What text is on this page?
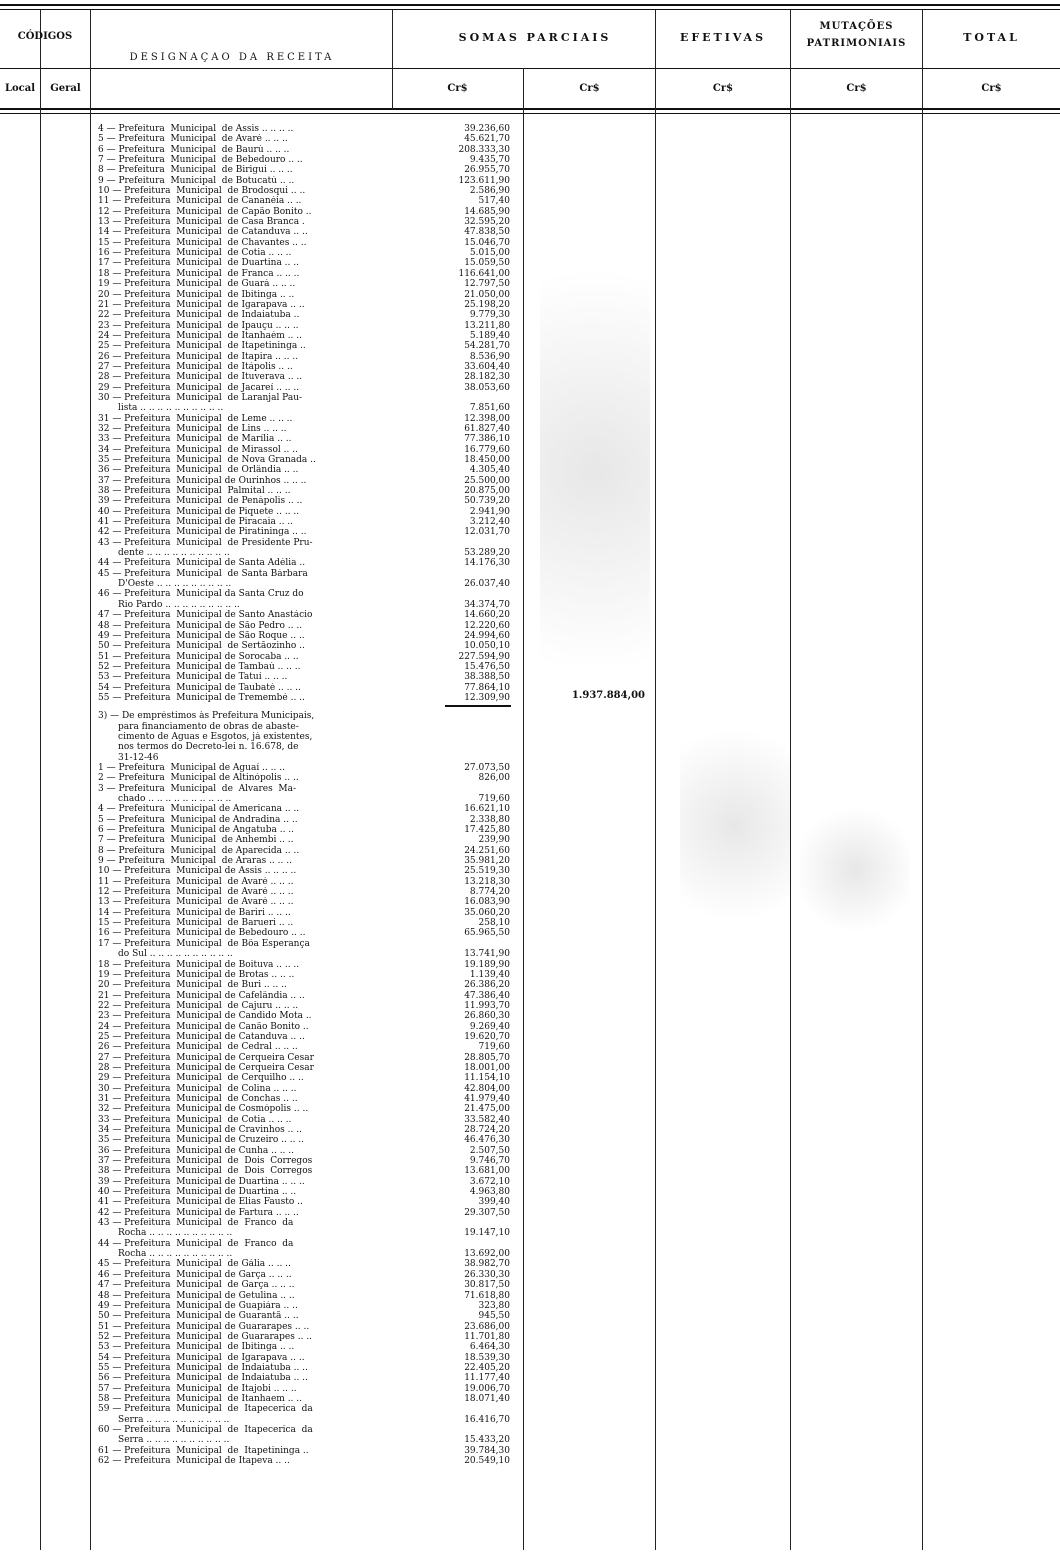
CÓDIGOS
DESIGNAÇAO DA RECEITA
SOMAS PARCIAIS	EFETIVAS
MUTAÇÕES
PATRIMONIAIS	TOTAL
Local	Geral	Cr$	Cr$	Cr$	Cr$	Cr$
4 — Prefeitura  Municipal  de Assis .. .. .. ..	39.236,60
5 — Prefeitura  Municipal  de Avaré .. .. ..	45.621,70
6 — Prefeitura  Municipal  de Baurú .. .. ..	208.333,30
7 — Prefeitura  Municipal  de Bebedouro .. ..	9.435,70
8 — Prefeitura  Municipal  de Birigui .. .. ..	26.955,70
9 — Prefeitura  Municipal  de Botucatú .. ..	123.611,90
10 — Prefeitura  Municipal  de Brodosqui .. ..	2.586,90
11 — Prefeitura  Municipal  de Cananéia .. ..	517,40
12 — Prefeitura  Municipal  de Capão Bonito ..	14.685,90
13 — Prefeitura  Municipal  de Casa Branca .	32.595,20
14 — Prefeitura  Municipal  de Catanduva .. ..	47.838,50
15 — Prefeitura  Municipal  de Chavantes .. ..	15.046,70
16 — Prefeitura  Municipal  de Cotia .. .. ..	5.015,00
17 — Prefeitura  Municipal  de Duartina .. ..	15.059,50
18 — Prefeitura  Municipal  de Franca .. .. ..	116.641,00
19 — Prefeitura  Municipal  de Guará .. .. ..	12.797,50
20 — Prefeitura  Municipal  de Ibitinga .. ..	21.050,00
21 — Prefeitura  Municipal  de Igarapava .. ..	25.198,20
22 — Prefeitura  Municipal  de Indaiatuba ..	9.779,30
23 — Prefeitura  Municipal  de Ipauçu .. .. ..	13.211,80
24 — Prefeitura  Municipal  de Itanhaém .. ..	5.189,40
25 — Prefeitura  Municipal  de Itapetininga ..	54.281,70
26 — Prefeitura  Municipal  de Itapira .. .. ..	8.536,90
27 — Prefeitura  Municipal  de Itápolis .. ..	33.604,40
28 — Prefeitura  Municipal  de Ituverava .. ..	28.182,30
29 — Prefeitura  Municipal  de Jacareí .. .. ..	38.053,60
30 — Prefeitura  Municipal  de Laranjal Pau-
lista .. .. .. .. .. .. .. .. .. ..	7.851,60
31 — Prefeitura  Municipal  de Leme .. .. ..	12.398,00
32 — Prefeitura  Municipal  de Lins .. .. ..	61.827,40
33 — Prefeitura  Municipal  de Marília .. ..	77.386,10
34 — Prefeitura  Municipal  de Mirassol .. ..	16.779,60
35 — Prefeitura  Municipal  de Nova Granada ..	18.450,00
36 — Prefeitura  Municipal  de Orlândia .. ..	4.305,40
37 — Prefeitura  Municipal de Ourinhos .. .. ..	25.500,00
38 — Prefeitura  Municipal  Palmital .. .. ..	20.875,00
39 — Prefeitura  Municipal  de Penápolis .. ..	50.739,20
40 — Prefeitura  Municipal de Piquete .. .. ..	2.941,90
41 — Prefeitura  Municipal de Piracaia .. ..	3.212,40
42 — Prefeitura  Municipal de Piratininga .. ..	12.031,70
43 — Prefeitura  Municipal  de Presidente Pru-
dente .. .. .. .. .. .. .. .. .. ..	53.289,20
44 — Prefeitura  Municipal de Santa Adélia ..	14.176,30
45 — Prefeitura  Municipal  de Santa Bárbara
D'Oeste .. .. .. .. .. .. .. .. ..	26.037,40
46 — Prefeitura  Municipal da Santa Cruz do
Rio Pardo .. .. .. .. .. .. .. .. ..	34.374,70
47 — Prefeitura  Municipal de Santo Anastácio	14.660,20
48 — Prefeitura  Municipal de São Pedro .. ..	12.220,60
49 — Prefeitura  Municipal de São Roque .. ..	24.994,60
50 — Prefeitura  Municipal  de Sertãozinho ..	10.050,10
51 — Prefeitura  Municipal de Sorocaba .. ..	227.594,90
52 — Prefeitura  Municipal de Tambaú .. .. ..	15.476,50
53 — Prefeitura  Municipal de Tatuí .. .. ..	38.388,50
54 — Prefeitura  Municipal de Taubaté .. .. ..	77.864,10
55 — Prefeitura  Municipal de Tremembé .. ..	12.309,90	1.937.884,00
3) — De empréstimos às Prefeitura Municipais,
para financiamento de obras de abaste-
cimento de Águas e Esgotos, já existentes,
nos termos do Decreto-lei n. 16.678, de
31-12-46
1 — Prefeitura  Municipal de Aguaí .. .. ..	27.073,50
2 — Prefeitura  Municipal de Altinópolis .. ..	826,00
3 — Prefeitura  Municipal  de  Alvares  Ma-
chado .. .. .. .. .. .. .. .. .. ..	719,60
4 — Prefeitura  Municipal de Americana .. ..	16.621,10
5 — Prefeitura  Municipal de Andradina .. ..	2.338,80
6 — Prefeitura  Municipal de Angatuba .. ..	17.425,80
7 — Prefeitura  Municipal  de Anhembi .. ..	239,90
8 — Prefeitura  Municipal  de Aparecida .. ..	24.251,60
9 — Prefeitura  Municipal  de Araras .. .. ..	35.981,20
10 — Prefeitura  Municipal de Assis .. .. .. ..	25.519,30
11 — Prefeitura  Municipal  de Avaré .. .. ..	13.218,30
12 — Prefeitura  Municipal  de Avaré .. .. ..	8.774,20
13 — Prefeitura  Municipal  de Avaré .. .. ..	16.083,90
14 — Prefeitura  Municipal de Bariri .. .. ..	35.060,20
15 — Prefeitura  Municipal  de Barueri .. ..	258,10
16 — Prefeitura  Municipal de Bebedouro .. ..	65.965,50
17 — Prefeitura  Municipal  de Bôa Esperança
do Sul .. .. .. .. .. .. .. .. .. ..	13.741,90
18 — Prefeitura  Municipal de Boituva .. .. ..	19.189,90
19 — Prefeitura  Municipal de Brotas .. .. ..	1.139,40
20 — Prefeitura  Municipal  de Buri .. .. ..	26.386,20
21 — Prefeitura  Municipal de Cafelândia .. ..	47.386,40
22 — Prefeitura  Municipal  de Cajuru .. .. ..	11.993,70
23 — Prefeitura  Municipal de Candido Mota ..	26.860,30
24 — Prefeitura  Municipal de Canão Bonito ..	9.269,40
25 — Prefeitura  Municipal de Catanduva .. ..	19.620,70
26 — Prefeitura  Municipal  de Cedral .. .. ..	719,60
27 — Prefeitura  Municipal de Cerqueira Cesar	28.805,70
28 — Prefeitura  Municipal de Cerqueira Cesar	18.001,00
29 — Prefeitura  Municipal  de Cerquilho .. ..	11.154,10
30 — Prefeitura  Municipal  de Colina .. .. ..	42.804,00
31 — Prefeitura  Municipal  de Conchas .. ..	41.979,40
32 — Prefeitura  Municipal de Cosmópolis .. ..	21.475,00
33 — Prefeitura  Municipal  de Cotia .. .. ..	33.582,40
34 — Prefeitura  Municipal de Cravinhos .. ..	28.724,20
35 — Prefeitura  Municipal de Cruzeiro .. .. ..	46.476,30
36 — Prefeitura  Municipal de Cunha .. .. ..	2.507,50
37 — Prefeitura  Municipal  de  Dois  Corregos	9.746,70
38 — Prefeitura  Municipal  de  Dois  Corregos	13.681,00
39 — Prefeitura  Municipal de Duartina .. .. ..	3.672,10
40 — Prefeitura  Municipal de Duartina .. ..	4.963,80
41 — Prefeitura  Municipal de Elias Fausto ..	399,40
42 — Prefeitura  Municipal de Fartura .. .. ..	29.307,50
43 — Prefeitura  Municipal  de  Franco  da
Rocha .. .. .. .. .. .. .. .. .. ..	19.147,10
44 — Prefeitura  Municipal  de  Franco  da
Rocha .. .. .. .. .. .. .. .. .. ..	13.692,00
45 — Prefeitura  Municipal  de Gália .. .. ..	38.982,70
46 — Prefeitura  Municipal de Garça .. .. ..	26.330,30
47 — Prefeitura  Municipal  de Garça .. .. ..	30.817,50
48 — Prefeitura  Municipal de Getulina .. ..	71.618,80
49 — Prefeitura  Municipal de Guapiára .. ..	323,80
50 — Prefeitura  Municipal de Guarantã .. ..	945,50
51 — Prefeitura  Municipal de Guararapes .. ..	23.686,00
52 — Prefeitura  Municipal  de Guararapes .. ..	11.701,80
53 — Prefeitura  Municipal  de Ibitinga .. ..	6.464,30
54 — Prefeitura  Municipal  de Igarapava .. ..	18.539,30
55 — Prefeitura  Municipal  de Indaiatuba .. ..	22.405,20
56 — Prefeitura  Municipal  de Indaiatuba .. ..	11.177,40
57 — Prefeitura  Municipal  de Itajobi .. .. ..	19.006,70
58 — Prefeitura  Municipal  de Itanhaem .. ..	18.071,40
59 — Prefeitura  Municipal  de  Itapecerica  da
Serra .. .. .. .. .. .. .. .. .. ..	16.416,70
60 — Prefeitura  Municipal  de  Itapecerica  da
Serra .. .. .. .. .. .. .. .. .. ..	15.433,20
61 — Prefeitura  Municipal  de  Itapetininga ..	39.784,30
62 — Prefeitura  Municipal de Itapeva .. ..	20.549,10
